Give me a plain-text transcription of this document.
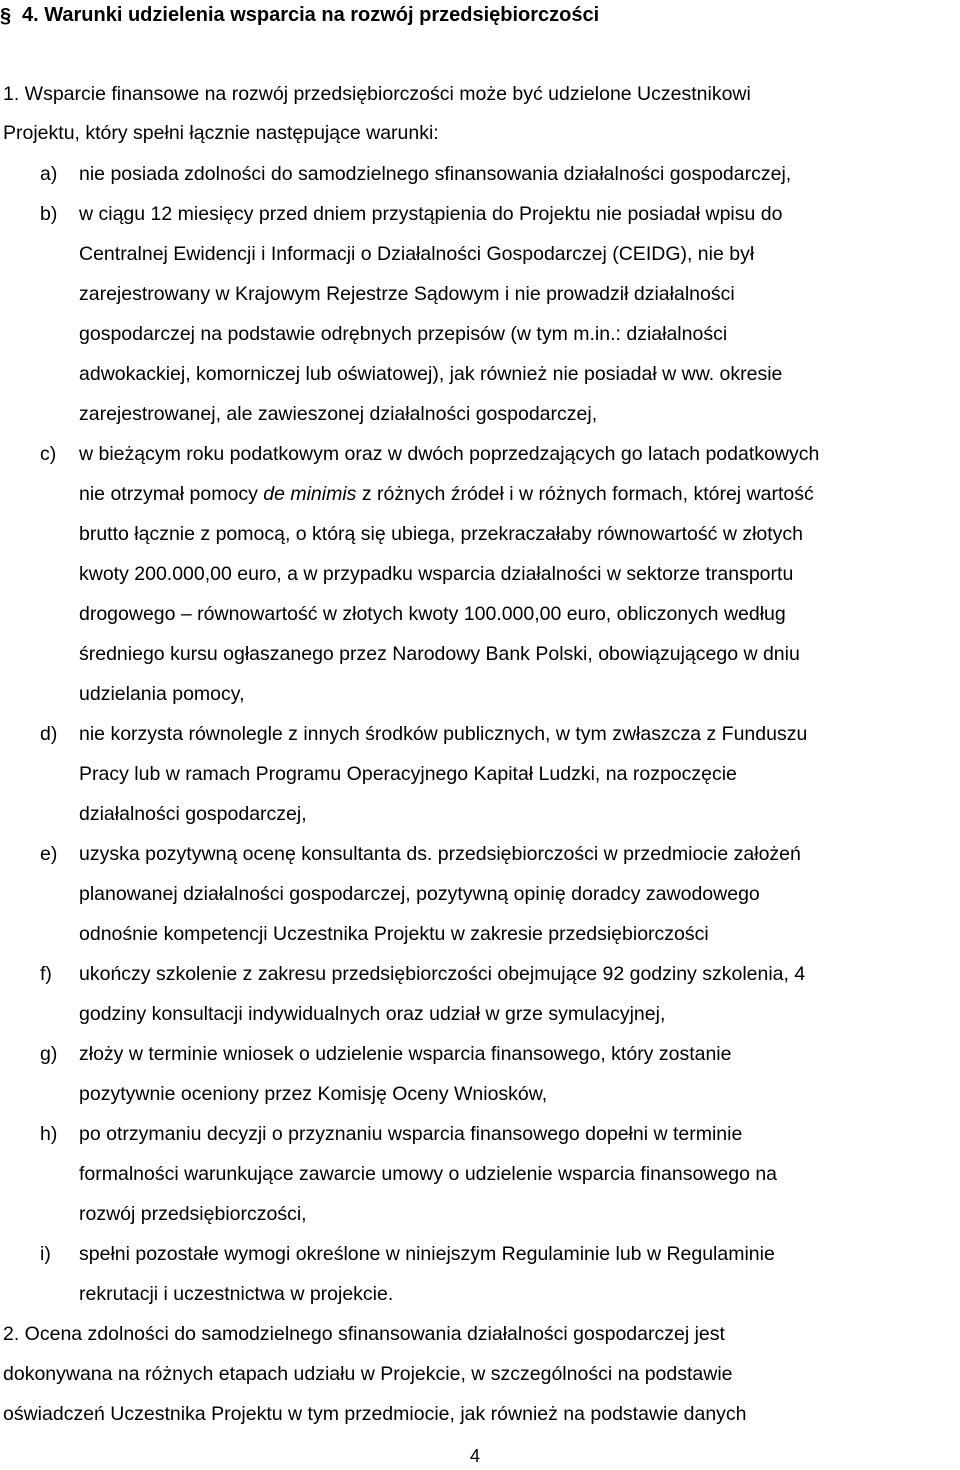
§ 4. Warunki udzielenia wsparcia na rozwój przedsiębiorczości
1. Wsparcie finansowe na rozwój przedsiębiorczości może być udzielone Uczestnikowi
Projektu, który spełni łącznie następujące warunki:
a) nie posiada zdolności do samodzielnego sfinansowania działalności gospodarczej,
b) w ciągu 12 miesięcy przed dniem przystąpienia do Projektu nie posiadał wpisu do
Centralnej Ewidencji i Informacji o Działalności Gospodarczej (CEIDG), nie był
zarejestrowany w Krajowym Rejestrze Sądowym i nie prowadził działalności
gospodarczej na podstawie odrębnych przepisów (w tym m.in.: działalności
adwokackiej, komorniczej lub oświatowej), jak również nie posiadał w ww. okresie
zarejestrowanej, ale zawieszonej działalności gospodarczej,
c) w bieżącym roku podatkowym oraz w dwóch poprzedzających go latach podatkowych
nie otrzymał pomocy de minimis z różnych źródeł i w różnych formach, której wartość
brutto łącznie z pomocą, o którą się ubiega, przekraczałaby równowartość w złotych
kwoty 200.000,00 euro, a w przypadku wsparcia działalności w sektorze transportu
drogowego – równowartość w złotych kwoty 100.000,00 euro, obliczonych według
średniego kursu ogłaszanego przez Narodowy Bank Polski, obowiązującego w dniu
udzielania pomocy,
d) nie korzysta równolegle z innych środków publicznych, w tym zwłaszcza z Funduszu
Pracy lub w ramach Programu Operacyjnego Kapitał Ludzki, na rozpoczęcie
działalności gospodarczej,
e) uzyska pozytywną ocenę konsultanta ds. przedsiębiorczości w przedmiocie założeń
planowanej działalności gospodarczej, pozytywną opinię doradcy zawodowego
odnośnie kompetencji Uczestnika Projektu w zakresie przedsiębiorczości
f) ukończy szkolenie z zakresu przedsiębiorczości obejmujące 92 godziny szkolenia, 4
godziny konsultacji indywidualnych oraz udział w grze symulacyjnej,
g) złoży w terminie wniosek o udzielenie wsparcia finansowego, który zostanie
pozytywnie oceniony przez Komisję Oceny Wniosków,
h) po otrzymaniu decyzji o przyznaniu wsparcia finansowego dopełni w terminie
formalności warunkujące zawarcie umowy o udzielenie wsparcia finansowego na
rozwój przedsiębiorczości,
i) spełni pozostałe wymogi określone w niniejszym Regulaminie lub w Regulaminie
rekrutacji i uczestnictwa w projekcie.
2. Ocena zdolności do samodzielnego sfinansowania działalności gospodarczej jest
dokonywana na różnych etapach udziału w Projekcie, w szczególności na podstawie
oświadczeń Uczestnika Projektu w tym przedmiocie, jak również na podstawie danych
4
